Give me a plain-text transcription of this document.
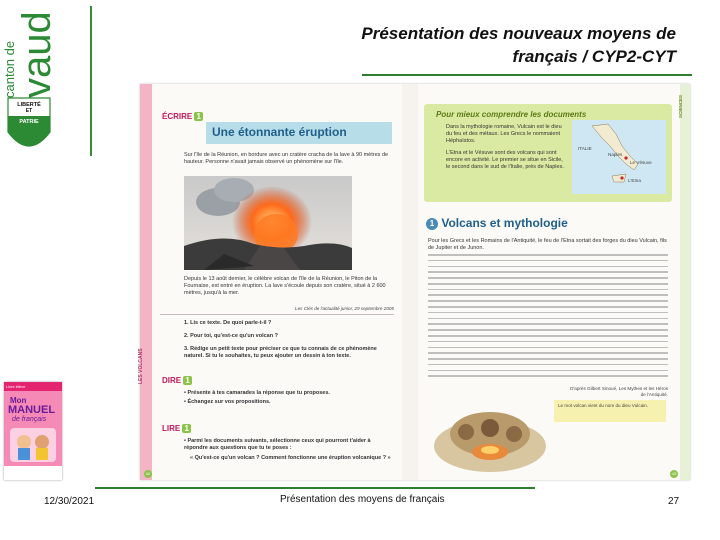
canton de
vaud
LIBERTÉ
ET
PATRIE
Présentation des nouveaux moyens de
français / CYP2-CYT
LES VOLCANS
ÉCRIRE 1
Une étonnante éruption
Sur l'île de la Réunion, en bordure avec un cratère cracha de la lave à 90 mètres de hauteur. Personne n'avait jamais observé un phénomène sur l'île.
Depuis le 13 août dernier, le célèbre volcan de l'île de la Réunion, le Piton de la Fournaise, est entré en éruption. La lave s'écoule depuis son cratère, situé à 2 600 mètres, jusqu'à la mer.
Les Clés de l'actualité junior, 29 septembre 2005
1. Lis ce texte. De quoi parle-t-il ?
2. Pour toi, qu'est-ce qu'un volcan ?
3. Rédige un petit texte pour préciser ce que tu connais de ce phénomène naturel. Si tu le souhaites, tu peux ajouter un dessin à ton texte.
DIRE 1
• Présente à tes camarades la réponse que tu proposes.
• Échangez sur vos propositions.
LIRE 1
• Parmi les documents suivants, sélectionne ceux qui pourront t'aider à répondre aux questions que tu te poses :
« Qu'est-ce qu'un volcan ? Comment fonctionne une éruption volcanique ? »
42
SCIENCES
Pour mieux comprendre les documents
Dans la mythologie romaine, Vulcain est le dieu du feu et des métaux. Les Grecs le nommaient Héphaïstos.
L'Etna et le Vésuve sont des volcans qui sont encore en activité. Le premier se situe en Sicile, le second dans le sud de l'Italie, près de Naples.
ITALIE
Naples
Le Vésuve
L'Etna
1 Volcans et mythologie
Pour les Grecs et les Romains de l'Antiquité, le feu de l'Etna sortait des forges du dieu Vulcain, fils de Jupiter et de Junon.
D'après Gilbert Sinoué, Les Mythes et les Héros de l'Antiquité.
Le mot volcan vient du nom du dieu Vulcain.
43
Livre élève
Mon
MANUEL
de français
12/30/2021	Présentation des moyens de français	27
